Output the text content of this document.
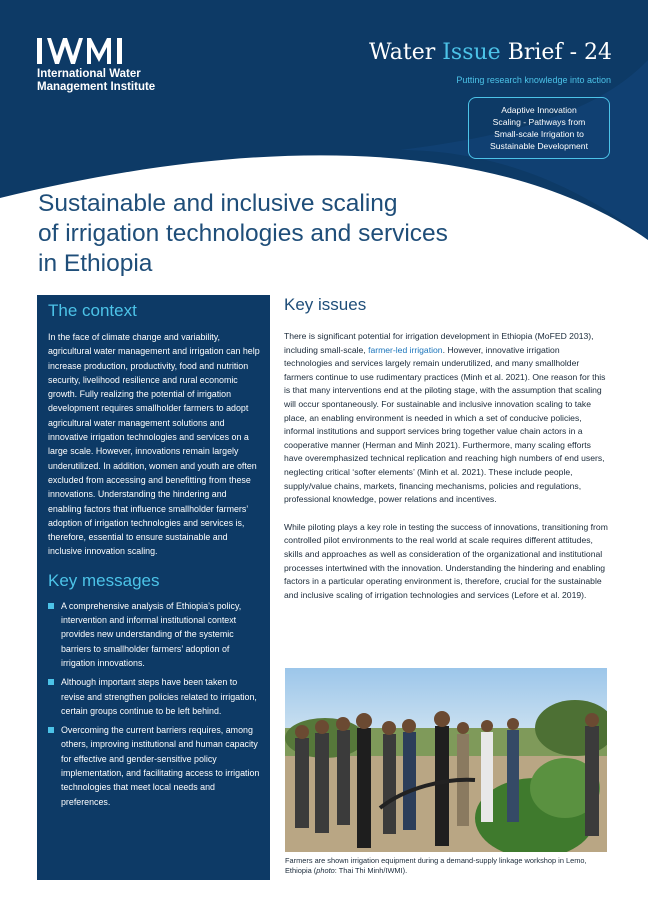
International Water
Management Institute
Water Issue Brief - 24
Putting research knowledge into action
Adaptive Innovation
Scaling - Pathways from
Small-scale Irrigation to
Sustainable Development
Sustainable and inclusive scaling
of irrigation technologies and services
in Ethiopia
The context

In the face of climate change and variability, agricultural water management and irrigation can help increase production, productivity, food and nutrition security, livelihood resilience and rural economic growth. Fully realizing the potential of irrigation development requires smallholder farmers to adopt agricultural water management solutions and innovative irrigation technologies and services on a large scale. However, innovations remain largely underutilized. In addition, women and youth are often excluded from accessing and benefitting from these innovations. Understanding the hindering and enabling factors that influence smallholder farmers’ adoption of irrigation technologies and services is, therefore, essential to ensure sustainable and inclusive innovation scaling.

Key messages
A comprehensive analysis of Ethiopia’s policy, intervention and informal institutional context provides new understanding of the systemic barriers to smallholder farmers’ adoption of irrigation innovations.
Although important steps have been taken to revise and strengthen policies related to irrigation, certain groups continue to be left behind.
Overcoming the current barriers requires, among others, improving institutional and human capacity for effective and gender-sensitive policy implementation, and facilitating access to irrigation technologies that meet local needs and preferences.
Key issues

There is significant potential for irrigation development in Ethiopia (MoFED 2013), including small-scale, farmer-led irrigation. However, innovative irrigation technologies and services largely remain underutilized, and many smallholder farmers continue to use rudimentary practices (Minh et al. 2021). One reason for this is that many interventions end at the piloting stage, with the assumption that scaling will occur spontaneously. For sustainable and inclusive innovation scaling to take place, an enabling environment is needed in which a set of conducive policies, informal institutions and support services bring together value chain actors in a cooperative manner (Herman and Minh 2021). Furthermore, many scaling efforts have overemphasized technical replication and reaching high numbers of end users, neglecting critical ‘softer elements’ (Minh et al. 2021). These include people, supply/value chains, markets, financing mechanisms, policies and regulations, professional knowledge, power relations and incentives.

While piloting plays a key role in testing the success of innovations, transitioning from controlled pilot environments to the real world at scale requires different attitudes, skills and approaches as well as consideration of the organizational and institutional processes intertwined with the innovation. Understanding the hindering and enabling factors in a particular operating environment is, therefore, crucial for the sustainable and inclusive scaling of irrigation technologies and services (Lefore et al. 2019).

Farmers are shown irrigation equipment during a demand-supply linkage workshop in Lemo, Ethiopia (photo: Thai Thi Minh/IWMI).
